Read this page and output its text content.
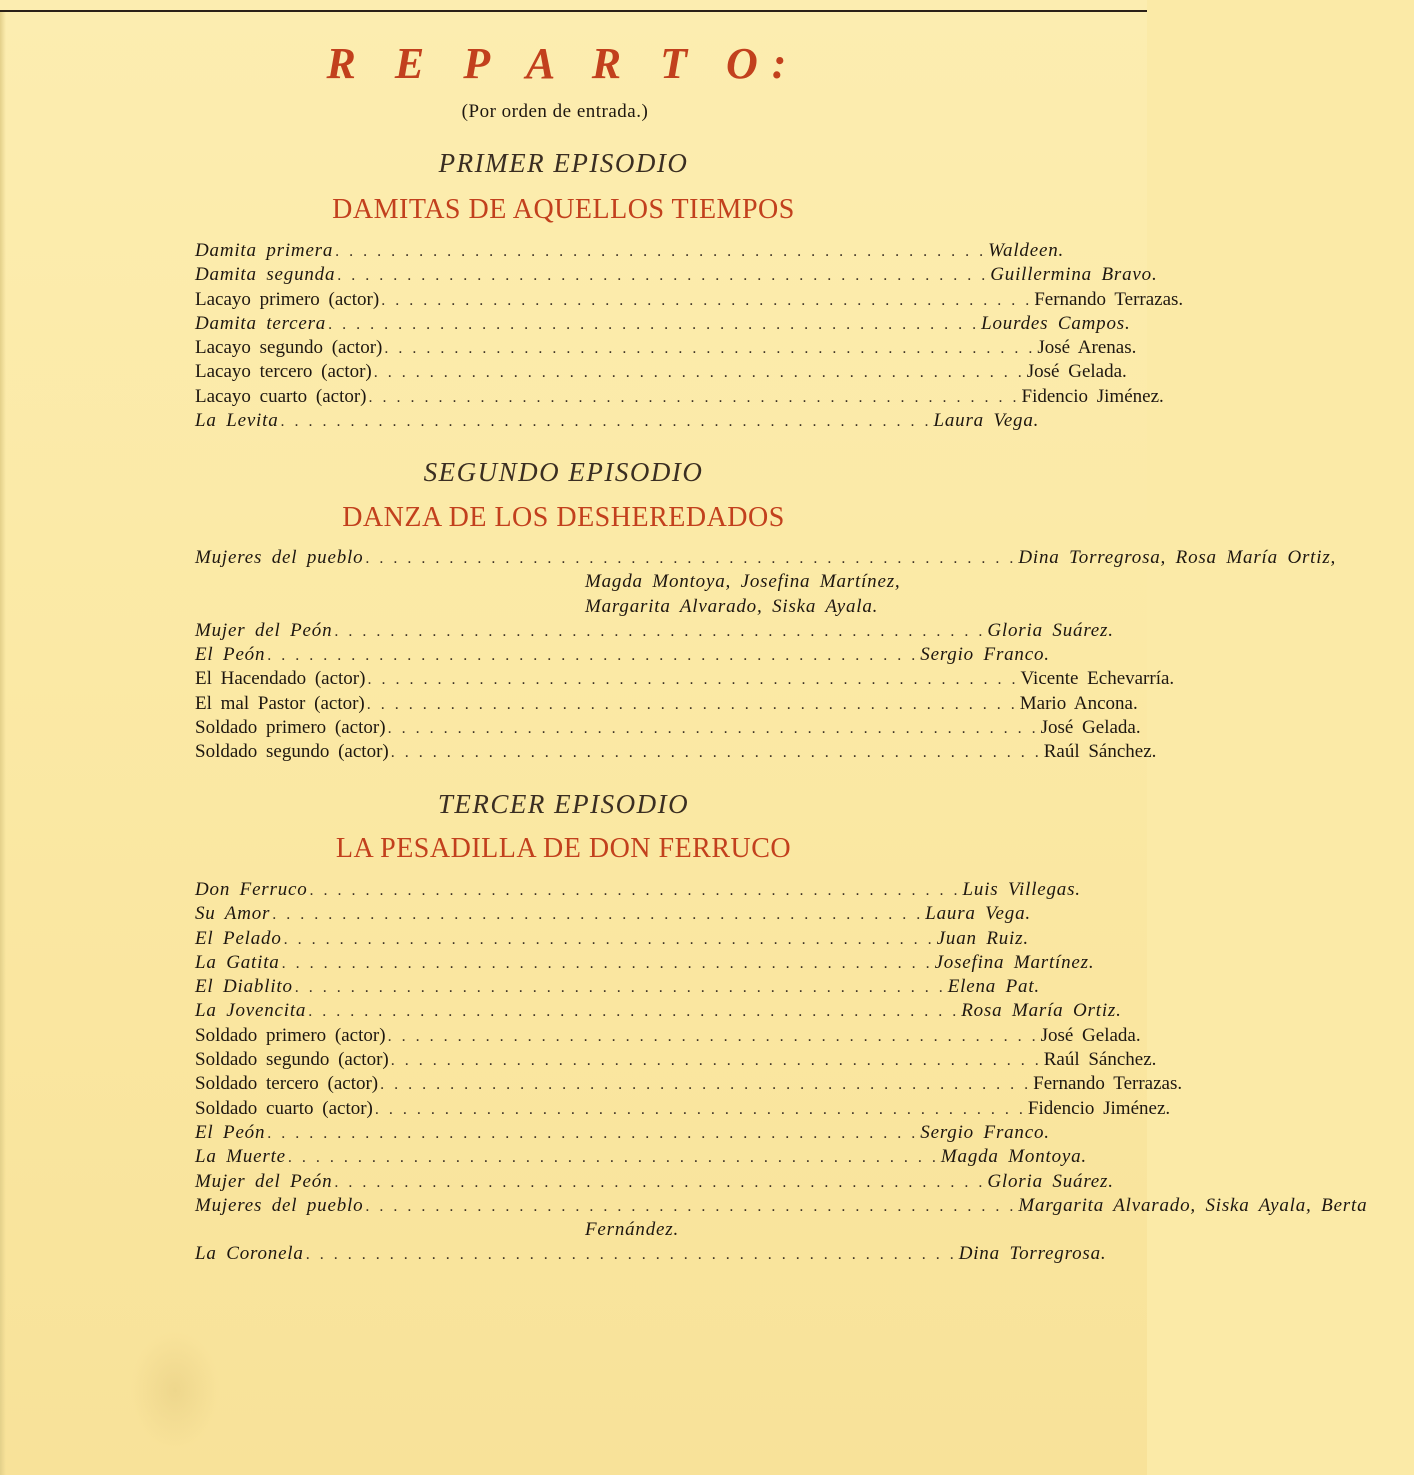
R E P A R T O:
(Por orden de entrada.)
PRIMER EPISODIO
DAMITAS DE AQUELLOS TIEMPOS
Damita primera . . . . . . . . . . . . . . . . . . . . . . . . . . . . . . . . . . . . . . . . . . . . . . . Waldeen.
Damita segunda . . . . . . . . . . . . . . . . . . . . . . . . . . . . . . . . . . . . . . . . . . . . . . . Guillermina Bravo.
Lacayo primero (actor) . . . . . . . . . . . . . . . . . . . . . . . . . . . . . . . . . . . . . . . . . . . . . . . Fernando Terrazas.
Damita tercera . . . . . . . . . . . . . . . . . . . . . . . . . . . . . . . . . . . . . . . . . . . . . . . Lourdes Campos.
Lacayo segundo (actor) . . . . . . . . . . . . . . . . . . . . . . . . . . . . . . . . . . . . . . . . . . . . . . . José Arenas.
Lacayo tercero (actor) . . . . . . . . . . . . . . . . . . . . . . . . . . . . . . . . . . . . . . . . . . . . . . . José Gelada.
Lacayo cuarto (actor) . . . . . . . . . . . . . . . . . . . . . . . . . . . . . . . . . . . . . . . . . . . . . . . Fidencio Jiménez.
La Levita . . . . . . . . . . . . . . . . . . . . . . . . . . . . . . . . . . . . . . . . . . . . . . . Laura Vega.
SEGUNDO EPISODIO
DANZA DE LOS DESHEREDADOS
Mujeres del pueblo . . . . . . . . . . . . . . . . . . . . . . . . . . . . . . . . . . . . . . . . . . . . . . . Dina Torregrosa, Rosa María Ortiz,
Magda Montoya, Josefina Martínez,
Margarita Alvarado, Siska Ayala.
Mujer del Peón . . . . . . . . . . . . . . . . . . . . . . . . . . . . . . . . . . . . . . . . . . . . . . . Gloria Suárez.
El Peón . . . . . . . . . . . . . . . . . . . . . . . . . . . . . . . . . . . . . . . . . . . . . . . Sergio Franco.
El Hacendado (actor) . . . . . . . . . . . . . . . . . . . . . . . . . . . . . . . . . . . . . . . . . . . . . . . Vicente Echevarría.
El mal Pastor (actor) . . . . . . . . . . . . . . . . . . . . . . . . . . . . . . . . . . . . . . . . . . . . . . . Mario Ancona.
Soldado primero (actor) . . . . . . . . . . . . . . . . . . . . . . . . . . . . . . . . . . . . . . . . . . . . . . . José Gelada.
Soldado segundo (actor) . . . . . . . . . . . . . . . . . . . . . . . . . . . . . . . . . . . . . . . . . . . . . . . Raúl Sánchez.
TERCER EPISODIO
LA PESADILLA DE DON FERRUCO
Don Ferruco . . . . . . . . . . . . . . . . . . . . . . . . . . . . . . . . . . . . . . . . . . . . . . . Luis Villegas.
Su Amor . . . . . . . . . . . . . . . . . . . . . . . . . . . . . . . . . . . . . . . . . . . . . . . Laura Vega.
El Pelado . . . . . . . . . . . . . . . . . . . . . . . . . . . . . . . . . . . . . . . . . . . . . . . Juan Ruiz.
La Gatita . . . . . . . . . . . . . . . . . . . . . . . . . . . . . . . . . . . . . . . . . . . . . . . Josefina Martínez.
El Diablito . . . . . . . . . . . . . . . . . . . . . . . . . . . . . . . . . . . . . . . . . . . . . . . Elena Pat.
La Jovencita . . . . . . . . . . . . . . . . . . . . . . . . . . . . . . . . . . . . . . . . . . . . . . . Rosa María Ortiz.
Soldado primero (actor) . . . . . . . . . . . . . . . . . . . . . . . . . . . . . . . . . . . . . . . . . . . . . . . José Gelada.
Soldado segundo (actor) . . . . . . . . . . . . . . . . . . . . . . . . . . . . . . . . . . . . . . . . . . . . . . . Raúl Sánchez.
Soldado tercero (actor) . . . . . . . . . . . . . . . . . . . . . . . . . . . . . . . . . . . . . . . . . . . . . . . Fernando Terrazas.
Soldado cuarto (actor) . . . . . . . . . . . . . . . . . . . . . . . . . . . . . . . . . . . . . . . . . . . . . . . Fidencio Jiménez.
El Peón . . . . . . . . . . . . . . . . . . . . . . . . . . . . . . . . . . . . . . . . . . . . . . . Sergio Franco.
La Muerte . . . . . . . . . . . . . . . . . . . . . . . . . . . . . . . . . . . . . . . . . . . . . . . Magda Montoya.
Mujer del Peón . . . . . . . . . . . . . . . . . . . . . . . . . . . . . . . . . . . . . . . . . . . . . . . Gloria Suárez.
Mujeres del pueblo . . . . . . . . . . . . . . . . . . . . . . . . . . . . . . . . . . . . . . . . . . . . . . . Margarita Alvarado, Siska Ayala, Berta
Fernández.
La Coronela . . . . . . . . . . . . . . . . . . . . . . . . . . . . . . . . . . . . . . . . . . . . . . . Dina Torregrosa.
